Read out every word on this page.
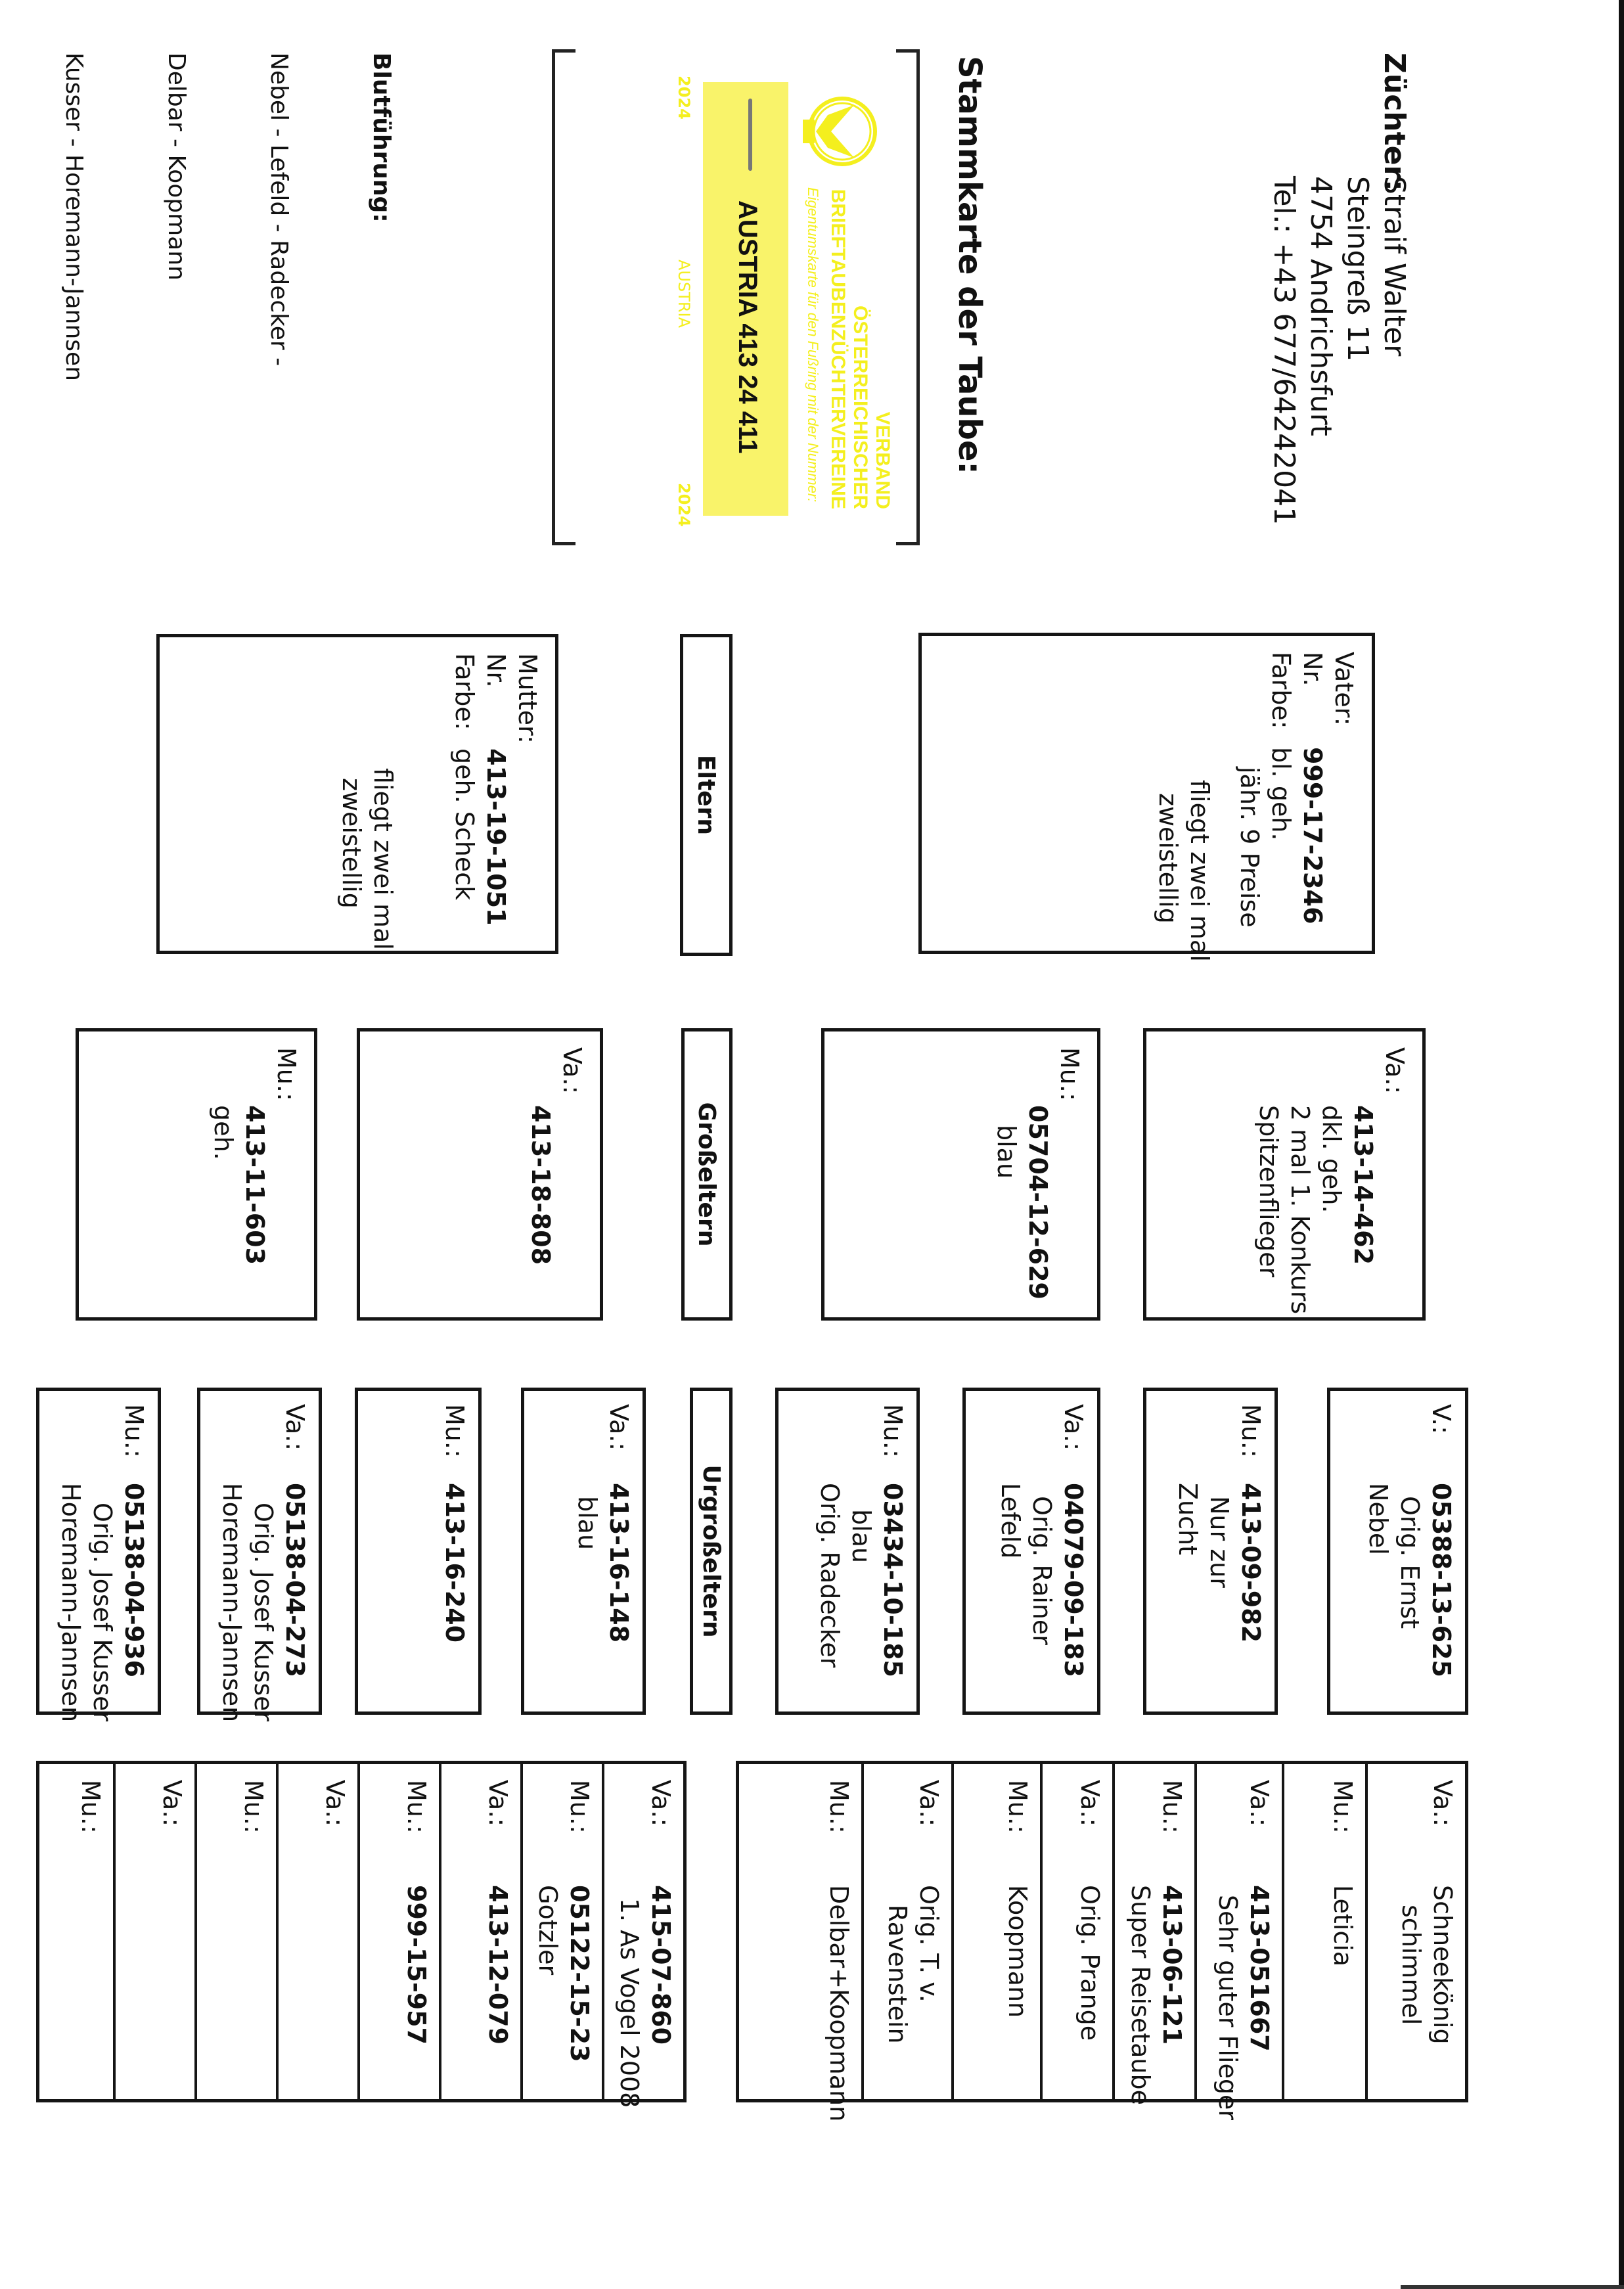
Züchter:
Straif Walter
Steingreß 11
4754 Andrichsfurt
Tel.: +43 677/6424​2041
Stammkarte der Taube:
VERBAND
ÖSTERREICHISCHER
BRIEFTAUBENZÜCHTERVEREINE
Eigentumskarte für den Fußring mit der Nummer:
AUSTRIA 413 24 411
2024
AUSTRIA
2024

Blutführung:

Nebel - Lefeld - Radecker -

Delbar - Koopmann

Kusser - Horemann-Jannsen

Vater:
Nr.999-17-2346
Farbe:bl. geh.
jähr. 9 Preise
fliegt zwei mal
zweistellig
Eltern
Mutter:
Nr.413-19-1051
Farbe:geh. Scheck
fliegt zwei mal
zweistellig
Va.:
413-14-462
dkl. geh.
2 mal 1. Konkurs
Spitzenflieger
Mu.:
05704-12-629
blau
Großeltern
Va.:
413-18-808
Mu.:
413-11-603
geh.
V.:05388-13-625
Orig. Ernst
Nebel
Mu.:413-09-982
Nur zur
Zucht
Va.:04079-09-183
Orig. Rainer
Lefeld
Mu.:03434-10-185
blau
Orig. Radecker
Urgroßeltern
Va.:413-16-148
blau
Mu.:413-16-240
Va.:05138-04-273
Orig. Josef Kusser
Horemann-Jannsen
Mu.:05138-04-936
Orig. Josef Kusser
Horemann-Jannsen
Va.:
Schneekönig
schimmel
Mu.:
Leticia
Va.:
413-051667
Sehr guter Flieger
Mu.:
413-06-121
Super Reisetaube
Va.:
Orig. Prange
Mu.:
Koopmann
Va.:
Orig. T. v.
Ravenstein
Mu.:
Delbar+Koopmann
Va.:
415-07-860
1. As Vogel 2008
Mu.:
05122-15-23
Gotzler
Va.:
413-12-079
Mu.:
999-15-957
Va.:
Mu.:
Va.:
Mu.:
